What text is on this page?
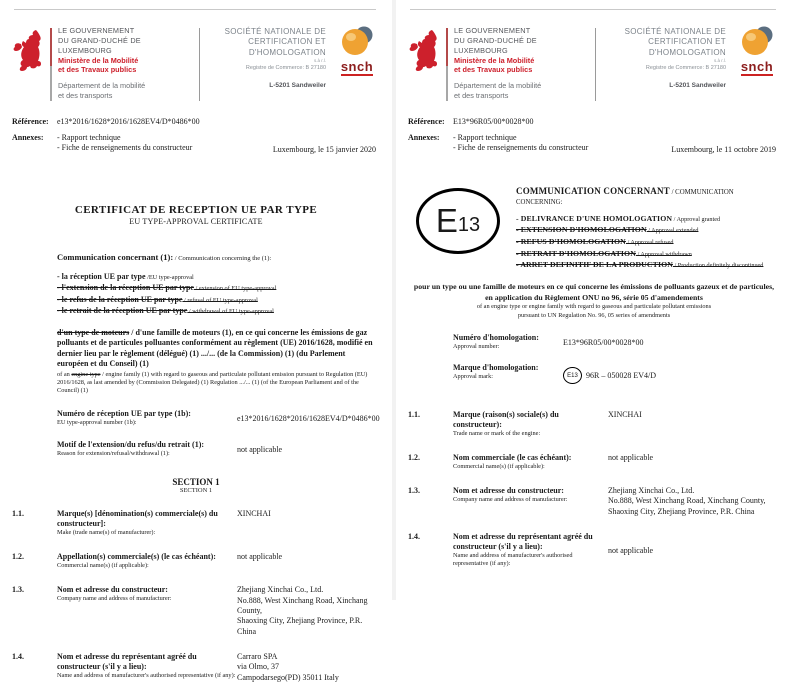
LE GOUVERNEMENT
DU GRAND-DUCHÉ DE LUXEMBOURG
Ministère de la Mobilité
et des Travaux publics
Département de la mobilité
et des transports
SOCIÉTÉ NATIONALE DE
CERTIFICATION ET D'HOMOLOGATION
s.à r.l.
Registre de Commerce: B 27180
L-5201 Sandweiler
snch
Référence:	e13*2016/1628*2016/1628EV4/D*0486*00
Annexes:	- Rapport technique
- Fiche de renseignements du constructeur	Luxembourg, le 15 janvier 2020
CERTIFICAT DE RECEPTION UE PAR TYPE
EU TYPE-APPROVAL CERTIFICATE
Communication concernant (1): / Communication concerning the (1):
- la réception UE par type /EU type-approval
- l'extension de la réception UE par type / extension of EU type-approval
- le refus de la réception UE par type / refusal of EU type-approval
- le retrait de la réception UE par type / withdrawal of EU type-approval
d'un type de moteurs / d'une famille de moteurs (1), en ce qui concerne les émissions de gaz polluants et de particules polluantes conformément au règlement (UE) 2016/1628, modifié en dernier lieu par le règlement (délégué) (1) .../... (de la Commission) (1) (du Parlement européen et du Conseil) (1)
of an engine type / engine family (1) with regard to gaseous and particulate pollutant emission pursuant to Regulation (EU) 2016/1628, as last amended by (Commission Delegated) (1) Regulation .../... (1) (of the European Parliament and of the Council) (1)
Numéro de réception UE par type (1b):
EU type-approval number (1b):	e13*2016/1628*2016/1628EV4/D*0486*00
Motif de l'extension/du refus/du retrait (1):
Reason for extension/refusal/withdrawal (1):	not applicable
SECTION 1
SECTION 1
1.1.	Marque(s) [dénomination(s) commerciale(s) du constructeur]:
Make (trade name(s) of manufacturer):
XINCHAI
1.2.	Appellation(s) commerciale(s) (le cas échéant):
Commercial name(s) (if applicable):
not applicable
1.3.	Nom et adresse du constructeur:
Company name and address of manufacturer:
Zhejiang Xinchai Co., Ltd.
No.888, West Xinchang Road, Xinchang County,
Shaoxing City, Zhejiang Province, P.R. China
1.4.	Nom et adresse du représentant agréé du constructeur (s'il y a lieu):
Name and address of manufacturer's authorised representative (if any):
Carraro SPA
via Olmo, 37
Campodarsego(PD) 35011 Italy
LE GOUVERNEMENT
DU GRAND-DUCHÉ DE LUXEMBOURG
Ministère de la Mobilité
et des Travaux publics
Département de la mobilité
et des transports
SOCIÉTÉ NATIONALE DE
CERTIFICATION ET D'HOMOLOGATION
s.à r.l.
Registre de Commerce: B 27180
L-5201 Sandweiler
snch
Référence:	E13*96R05/00*0028*00
Annexes:	- Rapport technique
- Fiche de renseignements du constructeur	Luxembourg, le 11 octobre 2019
E 13
COMMUNICATION CONCERNANT / COMMUNICATION CONCERNING:
- DELIVRANCE D'UNE HOMOLOGATION / Approval granted
- EXTENSION D'HOMOLOGATION / Approval extended
- REFUS D'HOMOLOGATION / Approval refused
- RETRAIT D'HOMOLOGATION / Approval withdrawn
- ARRET DEFINITIF DE LA PRODUCTION / Production definitely discontinued
pour un type ou une famille de moteurs en ce qui concerne les émissions de polluants gazeux et de particules,
en application du Règlement ONU no 96, série 05 d'amendements
of an engine type or engine family with regard to gaseous and particulate pollutant emissions
pursuant to UN Regulation No. 96, 05 series of amendments
Numéro d'homologation:
Approval number:	E13*96R05/00*0028*00
Marque d'homologation:
Approval mark:	E13	96R – 050028 EV4/D
1.1.	Marque (raison(s) sociale(s) du constructeur):
Trade name or mark of the engine:
XINCHAI
1.2.	Nom commerciale (le cas échéant):
Commercial name(s) (if applicable):
not applicable
1.3.	Nom et adresse du constructeur:
Company name and address of manufacturer:
Zhejiang Xinchai Co., Ltd.
No.888, West Xinchang Road, Xinchang County,
Shaoxing City, Zhejiang Province, P.R. China
1.4.	Nom et adresse du représentant agréé du constructeur (s'il y a lieu):
Name and address of manufacturer's authorised representative (if any):
not applicable
